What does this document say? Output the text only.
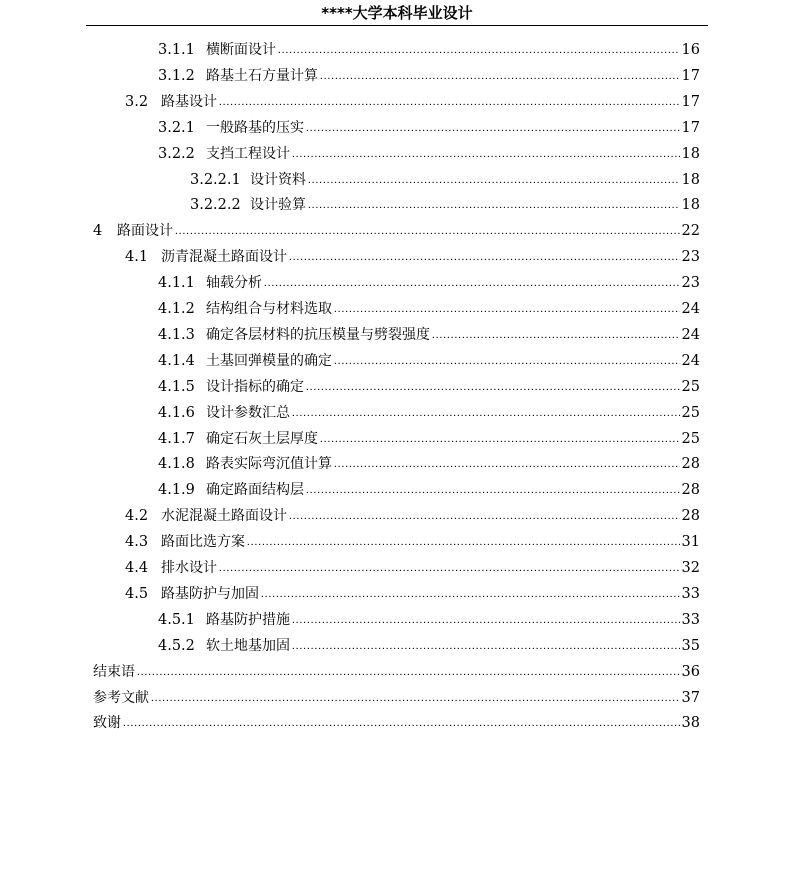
****大学本科毕业设计
3.1.1 横断面设计 .....	16
3.1.2 路基土石方量计算 .....	17
3.2 路基设计 .....	17
3.2.1 一般路基的压实 .....	17
3.2.2 支挡工程设计 .....	18
3.2.2.1 设计资料 .....	18
3.2.2.2 设计验算 .....	18
4	路面设计 .....	22
4.1 沥青混凝土路面设计 .....	23
4.1.1 轴载分析 .....	23
4.1.2 结构组合与材料选取 .....	24
4.1.3 确定各层材料的抗压模量与劈裂强度 .....	24
4.1.4 土基回弹模量的确定 .....	24
4.1.5 设计指标的确定 .....	25
4.1.6 设计参数汇总 .....	25
4.1.7 确定石灰土层厚度 .....	25
4.1.8 路表实际弯沉值计算 .....	28
4.1.9 确定路面结构层 .....	28
4.2 水泥混凝土路面设计 .....	28
4.3 路面比选方案 .....	31
4.4 排水设计 .....	32
4.5 路基防护与加固 .....	33
4.5.1 路基防护措施 .....	33
4.5.2 软土地基加固 .....	35
结束语 .....	36
参考文献 .....	37
致谢 .....	38
